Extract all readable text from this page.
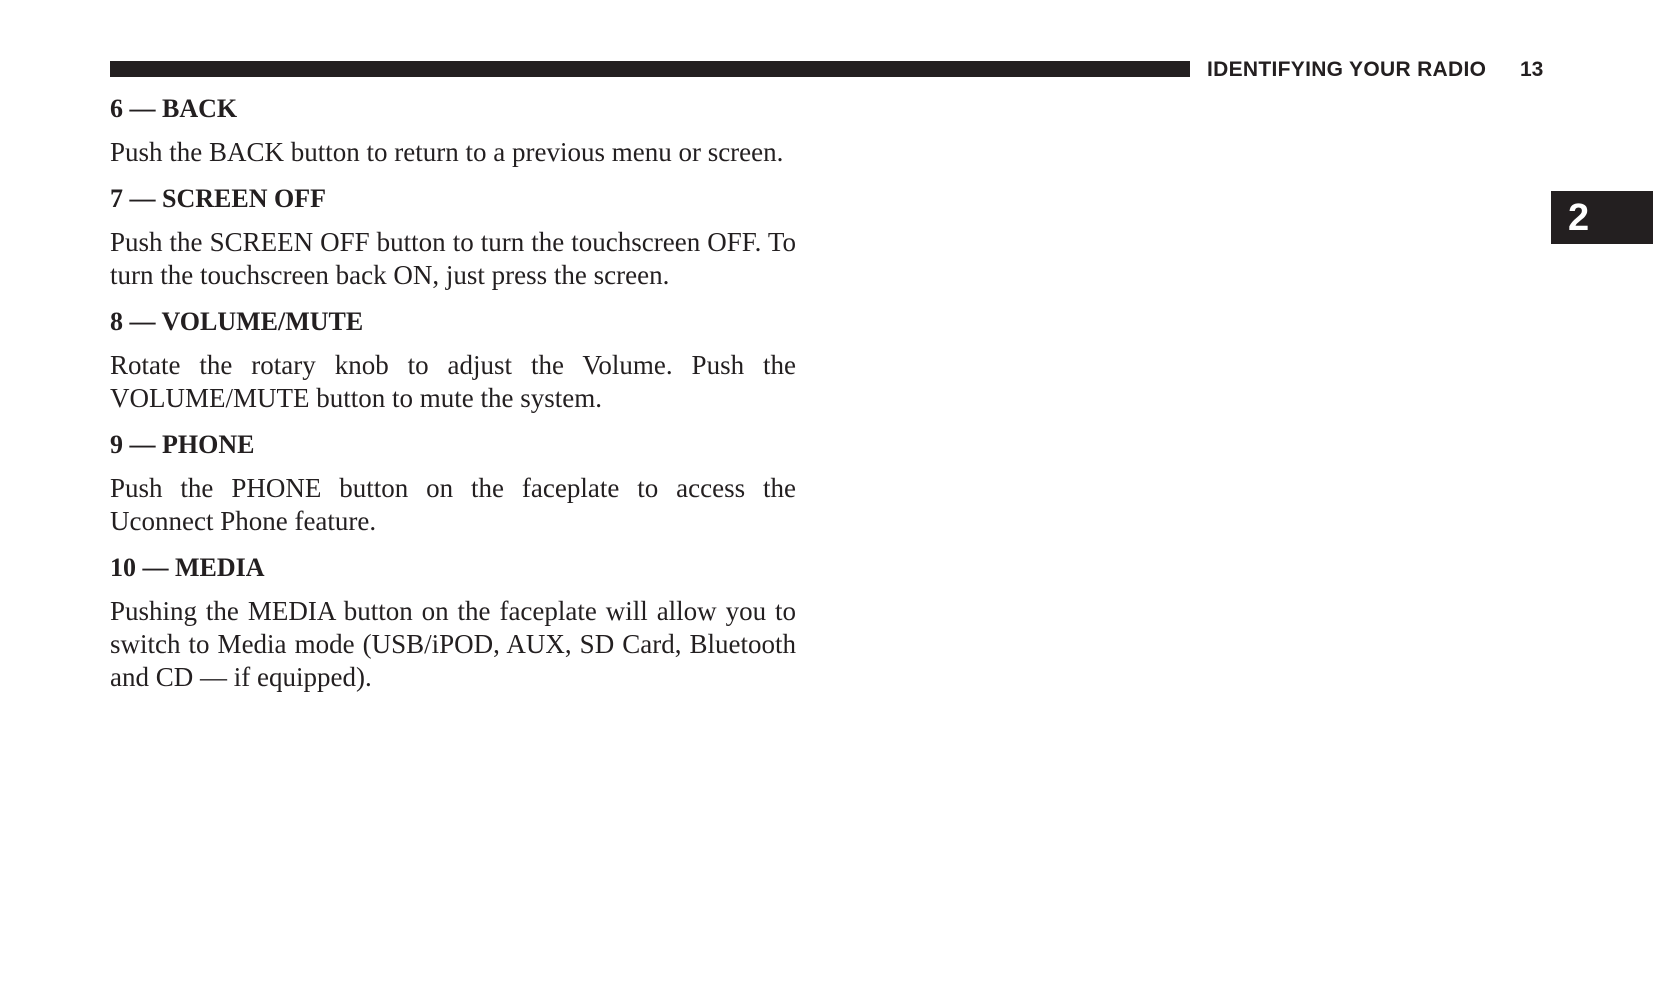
IDENTIFYING YOUR RADIO 13
2
6 — BACK
Push the BACK button to return to a previous menu or screen.
7 — SCREEN OFF
Push the SCREEN OFF button to turn the touchscreen OFF. To turn the touchscreen back ON, just press the screen.
8 — VOLUME/MUTE
Rotate the rotary knob to adjust the Volume. Push the VOLUME/MUTE button to mute the system.
9 — PHONE
Push the PHONE button on the faceplate to access the Uconnect Phone feature.
10 — MEDIA
Pushing the MEDIA button on the faceplate will allow you to switch to Media mode (USB/iPOD, AUX, SD Card, Bluetooth and CD — if equipped).
